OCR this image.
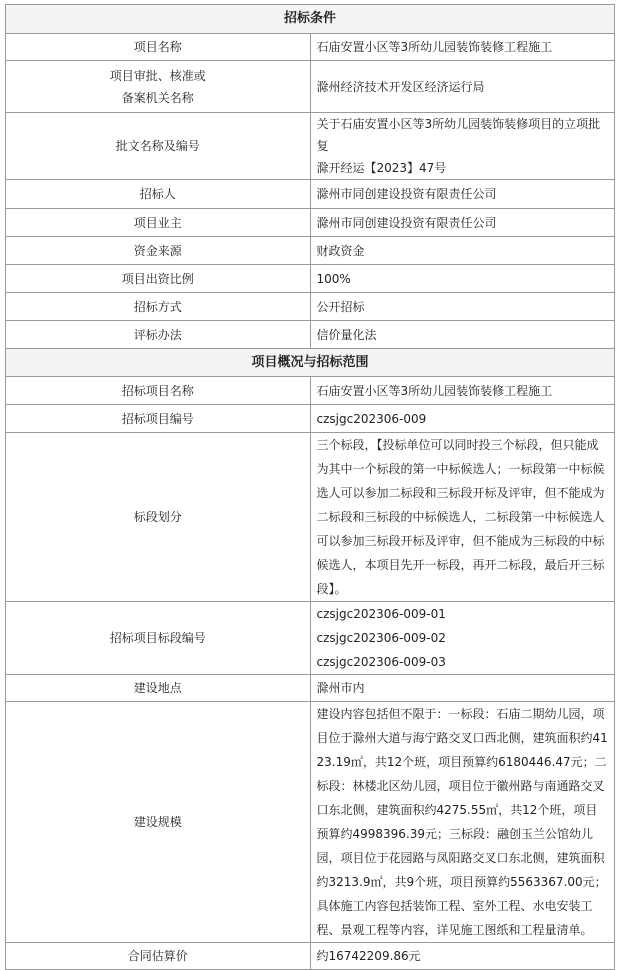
招标条件	
项目名称	石庙安置小区等3所幼儿园装饰装修工程施工

项目审批、核准或
备案机关名称	滁州经济技术开发区经济运行局
批文名称及编号	关于石庙安置小区等3所幼儿园装饰装修项目的立项批复
滁开经运【2023】47号

招标人	滁州市同创建设投资有限责任公司
项目业主	滁州市同创建设投资有限责任公司
资金来源	财政资金
项目出资比例	100%
招标方式	公开招标
评标办法	信价量化法
项目概况与招标范围	
招标项目名称	石庙安置小区等3所幼儿园装饰装修工程施工
招标项目编号	czsjgc202306-009
标段划分	三个标段，【投标单位可以同时投三个标段，但只能成为其中一个标段的第一中标候选人；一标段第一中标候选人可以参加二标段和三标段开标及评审，但不能成为二标段和三标段的中标候选人，二标段第一中标候选人可以参加三标段开标及评审，但不能成为三标段的中标候选人，本项目先开一标段，再开二标段，最后开三标段】。
招标项目标段编号	czsjgc202306-009-01
czsjgc202306-009-02
czsjgc202306-009-03

建设地点	滁州市内
建设规模	建设内容包括但不限于：一标段：石庙二期幼儿园，项目位于滁州大道与海宁路交叉口西北侧，建筑面积约4123.19㎡，共12个班，项目预算约6180446.47元；二标段：林楼北区幼儿园，项目位于徽州路与南通路交叉口东北侧，建筑面积约4275.55㎡，共12个班，项目预算约4998396.39元；三标段：融创玉兰公馆幼儿园，项目位于花园路与凤阳路交叉口东北侧，建筑面积约3213.9㎡，共9个班，项目预算约5563367.00元；具体施工内容包括装饰工程、室外工程、水电安装工程、景观工程等内容，详见施工图纸和工程量清单。
合同估算价	约16742209.86元
